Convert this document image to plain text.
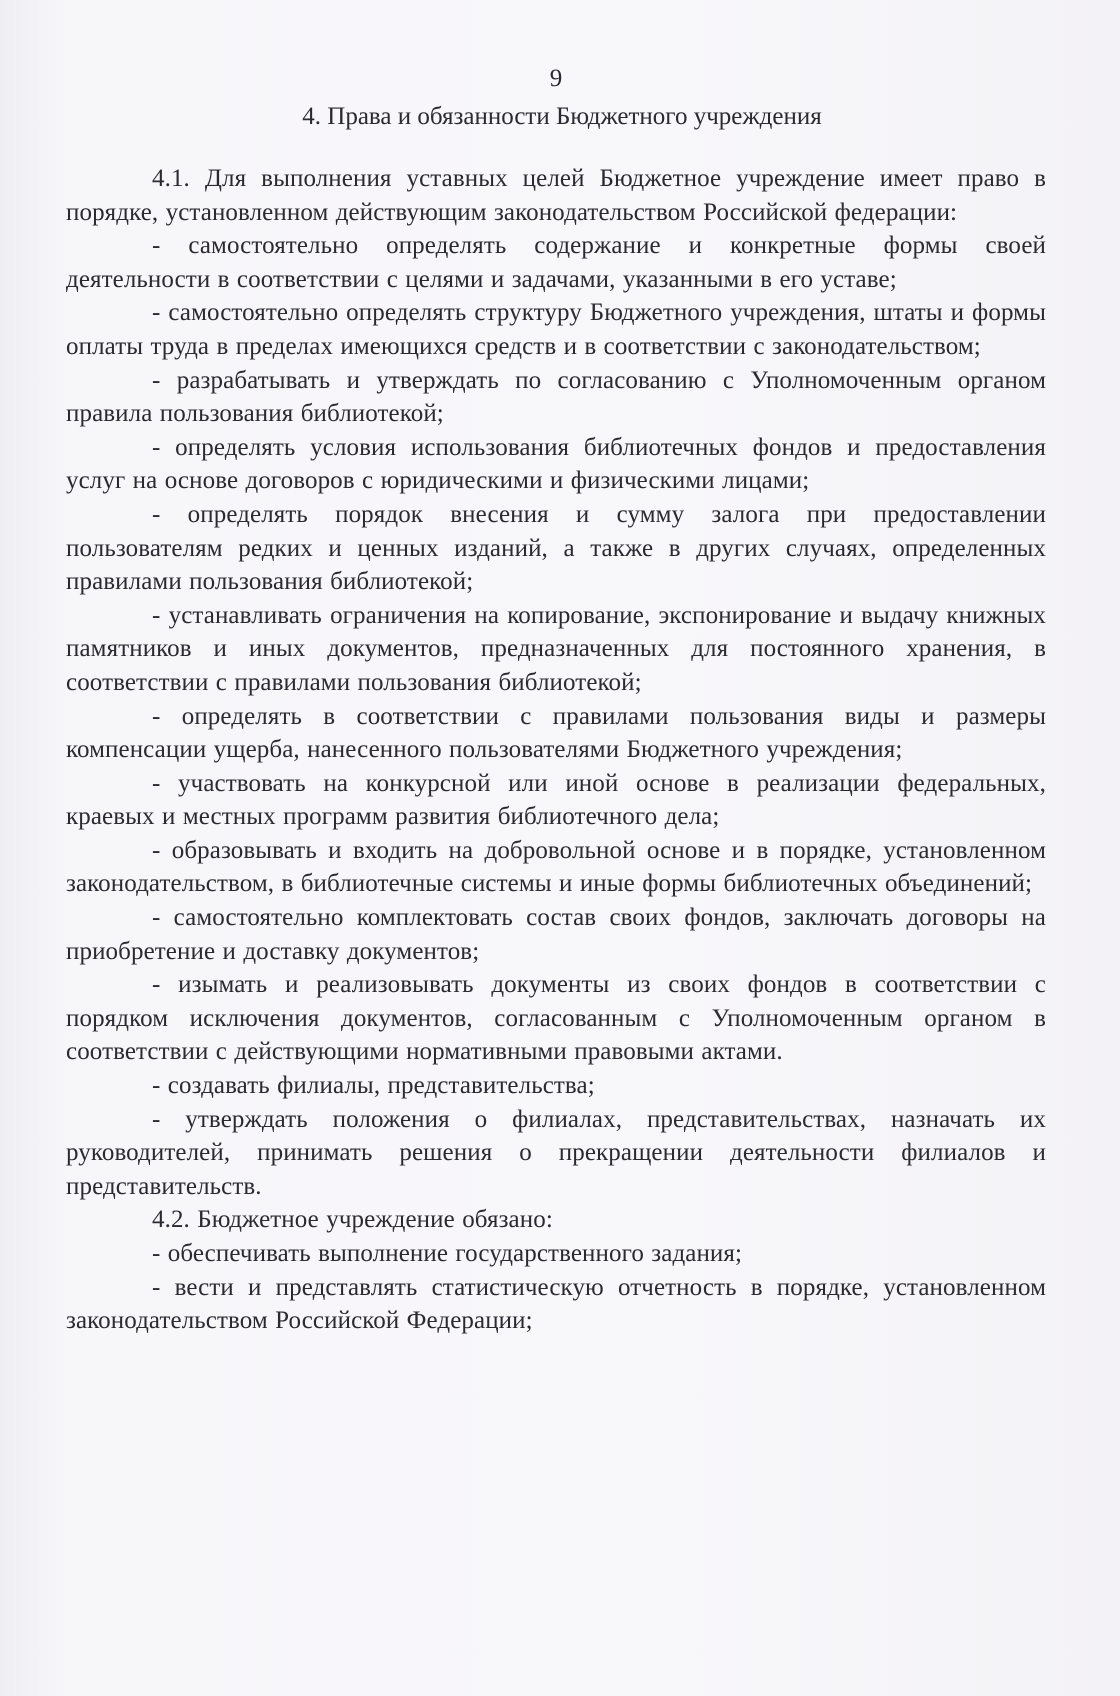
9
4. Права и обязанности Бюджетного учреждения

4.1. Для выполнения уставных целей Бюджетное учреждение имеет право в порядке, установленном действующим законодательством Российской федерации:

- самостоятельно определять содержание и конкретные формы своей деятельности в соответствии с целями и задачами, указанными в его уставе;

- самостоятельно определять структуру Бюджетного учреждения, штаты и формы оплаты труда в пределах имеющихся средств и в соответствии с законодательством;

- разрабатывать и утверждать по согласованию с Уполномоченным органом правила пользования библиотекой;

- определять условия использования библиотечных фондов и предоставления услуг на основе договоров с юридическими и физическими лицами;

- определять порядок внесения и сумму залога при предоставлении пользователям редких и ценных изданий, а также в других случаях, определенных правилами пользования библиотекой;

- устанавливать ограничения на копирование, экспонирование и выдачу книжных памятников и иных документов, предназначенных для постоянного хранения, в соответствии с правилами пользования библиотекой;

- определять в соответствии с правилами пользования виды и размеры компенсации ущерба, нанесенного пользователями Бюджетного учреждения;

- участвовать на конкурсной или иной основе в реализации федеральных, краевых и местных программ развития библиотечного дела;

- образовывать и входить на добровольной основе и в порядке, установленном законодательством, в библиотечные системы и иные формы библиотечных объединений;

- самостоятельно комплектовать состав своих фондов, заключать договоры на приобретение и доставку документов;

- изымать и реализовывать документы из своих фондов в соответствии с порядком исключения документов, согласованным с Уполномоченным органом в соответствии с действующими нормативными правовыми актами.

- создавать филиалы, представительства;

- утверждать положения о филиалах, представительствах, назначать их руководителей, принимать решения о прекращении деятельности филиалов и представительств.

4.2. Бюджетное учреждение обязано:

- обеспечивать выполнение государственного задания;

- вести и представлять статистическую отчетность в порядке, установленном законодательством Российской Федерации;
